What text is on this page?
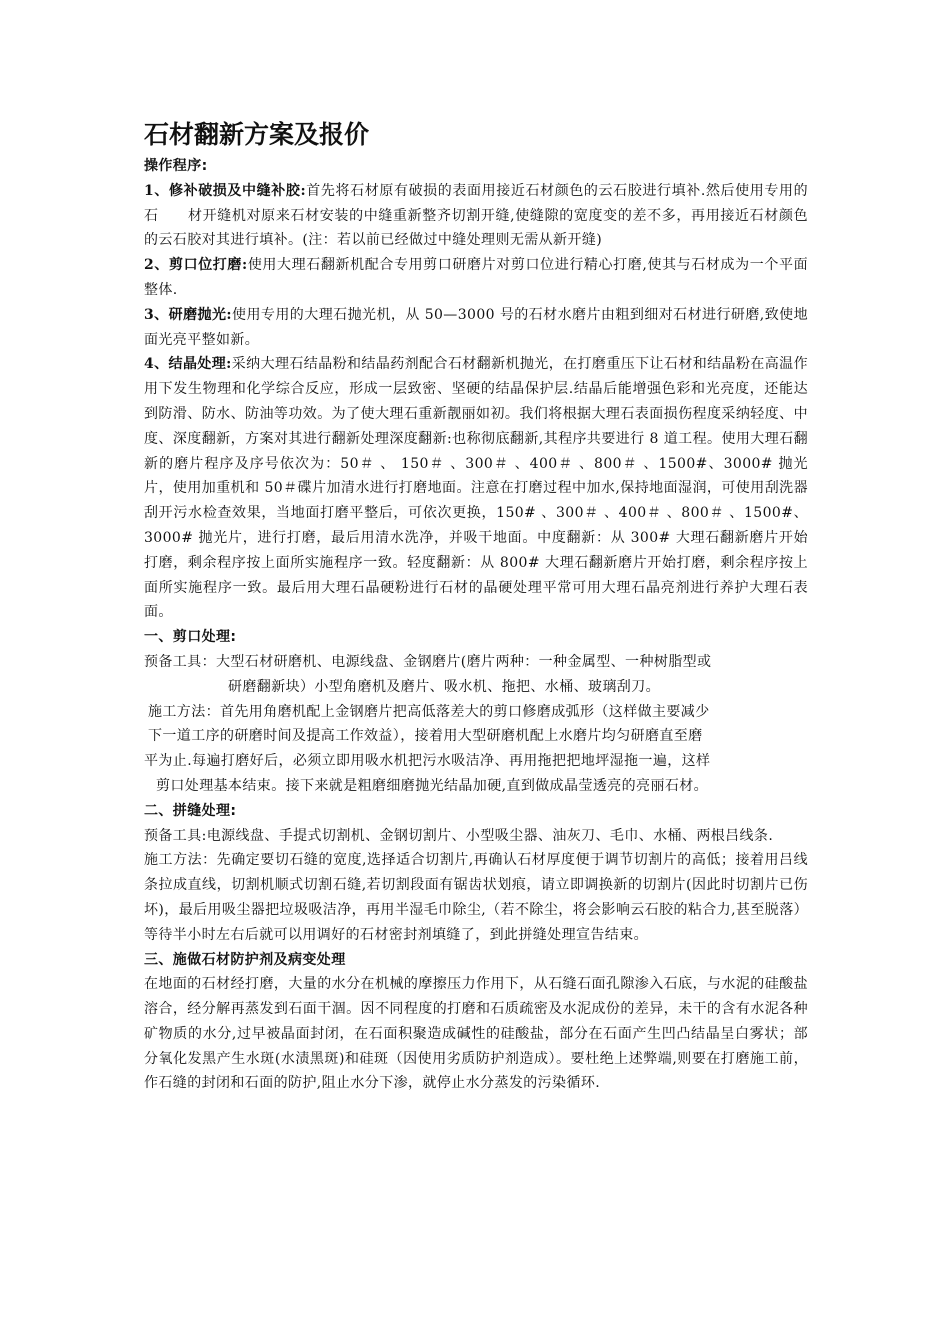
石材翻新方案及报价

操作程序:

1、修补破损及中缝补胶:首先将石材原有破损的表面用接近石材颜色的云石胶进行填补.然后使用专用的石　　材开缝机对原来石材安装的中缝重新整齐切割开缝,使缝隙的宽度变的差不多，再用接近石材颜色的云石胶对其进行填补。(注：若以前已经做过中缝处理则无需从新开缝)

2、剪口位打磨:使用大理石翻新机配合专用剪口研磨片对剪口位进行精心打磨,使其与石材成为一个平面整体.

3、研磨抛光:使用专用的大理石抛光机，从 50—3000 号的石材水磨片由粗到细对石材进行研磨,致使地面光亮平整如新。

4、结晶处理:采纳大理石结晶粉和结晶药剂配合石材翻新机抛光，在打磨重压下让石材和结晶粉在高温作用下发生物理和化学综合反应，形成一层致密、坚硬的结晶保护层.结晶后能增强色彩和光亮度，还能达到防滑、防水、防油等功效。为了使大理石重新靓丽如初。我们将根据大理石表面损伤程度采纳轻度、中度、深度翻新，方案对其进行翻新处理深度翻新:也称彻底翻新,其程序共要进行 8 道工程。使用大理石翻新的磨片程序及序号依次为：50＃ 、 150＃ 、300＃ 、400＃ 、800＃ 、1500#、3000# 抛光片，使用加重机和 50＃碟片加清水进行打磨地面。注意在打磨过程中加水,保持地面湿润，可使用刮洗器刮开污水检查效果，当地面打磨平整后，可依次更换，150# 、300＃ 、400＃ 、800＃ 、1500#、3000# 抛光片，进行打磨，最后用清水洗净，并吸干地面。中度翻新：从 300# 大理石翻新磨片开始打磨，剩余程序按上面所实施程序一致。轻度翻新：从 800# 大理石翻新磨片开始打磨，剩余程序按上面所实施程序一致。最后用大理石晶硬粉进行石材的晶硬处理平常可用大理石晶亮剂进行养护大理石表面。

一、剪口处理:

预备工具：大型石材研磨机、电源线盘、金钢磨片(磨片两种：一种金属型、一种树脂型或

研磨翻新块）小型角磨机及磨片、吸水机、拖把、水桶、玻璃刮刀。

施工方法：首先用角磨机配上金钢磨片把高低落差大的剪口修磨成弧形（这样做主要减少

下一道工序的研磨时间及提高工作效益），接着用大型研磨机配上水磨片均匀研磨直至磨

平为止.每遍打磨好后，必须立即用吸水机把污水吸洁净、再用拖把把地坪湿拖一遍，这样

剪口处理基本结束。接下来就是粗磨细磨抛光结晶加硬,直到做成晶莹透亮的亮丽石材。

二、拼缝处理:

预备工具:电源线盘、手提式切割机、金钢切割片、小型吸尘器、油灰刀、毛巾、水桶、两根吕线条.

施工方法：先确定要切石缝的宽度,选择适合切割片,再确认石材厚度便于调节切割片的高低；接着用吕线条拉成直线，切割机顺式切割石缝,若切割段面有锯齿状划痕，请立即调换新的切割片(因此时切割片已伤坏)，最后用吸尘器把垃圾吸洁净，再用半湿毛巾除尘,（若不除尘，将会影响云石胶的粘合力,甚至脱落）等待半小时左右后就可以用调好的石材密封剂填缝了，到此拼缝处理宣告结束。

三、施做石材防护剂及病变处理

在地面的石材经打磨，大量的水分在机械的摩擦压力作用下，从石缝石面孔隙渗入石底，与水泥的硅酸盐溶合，经分解再蒸发到石面干涸。因不同程度的打磨和石质疏密及水泥成份的差异，未干的含有水泥各种矿物质的水分,过早被晶面封闭，在石面积聚造成碱性的硅酸盐，部分在石面产生凹凸结晶呈白雾状；部分氧化发黑产生水斑(水渍黑斑)和硅斑（因使用劣质防护剂造成）。要杜绝上述弊端,则要在打磨施工前，作石缝的封闭和石面的防护,阻止水分下渗，就停止水分蒸发的污染循环.
